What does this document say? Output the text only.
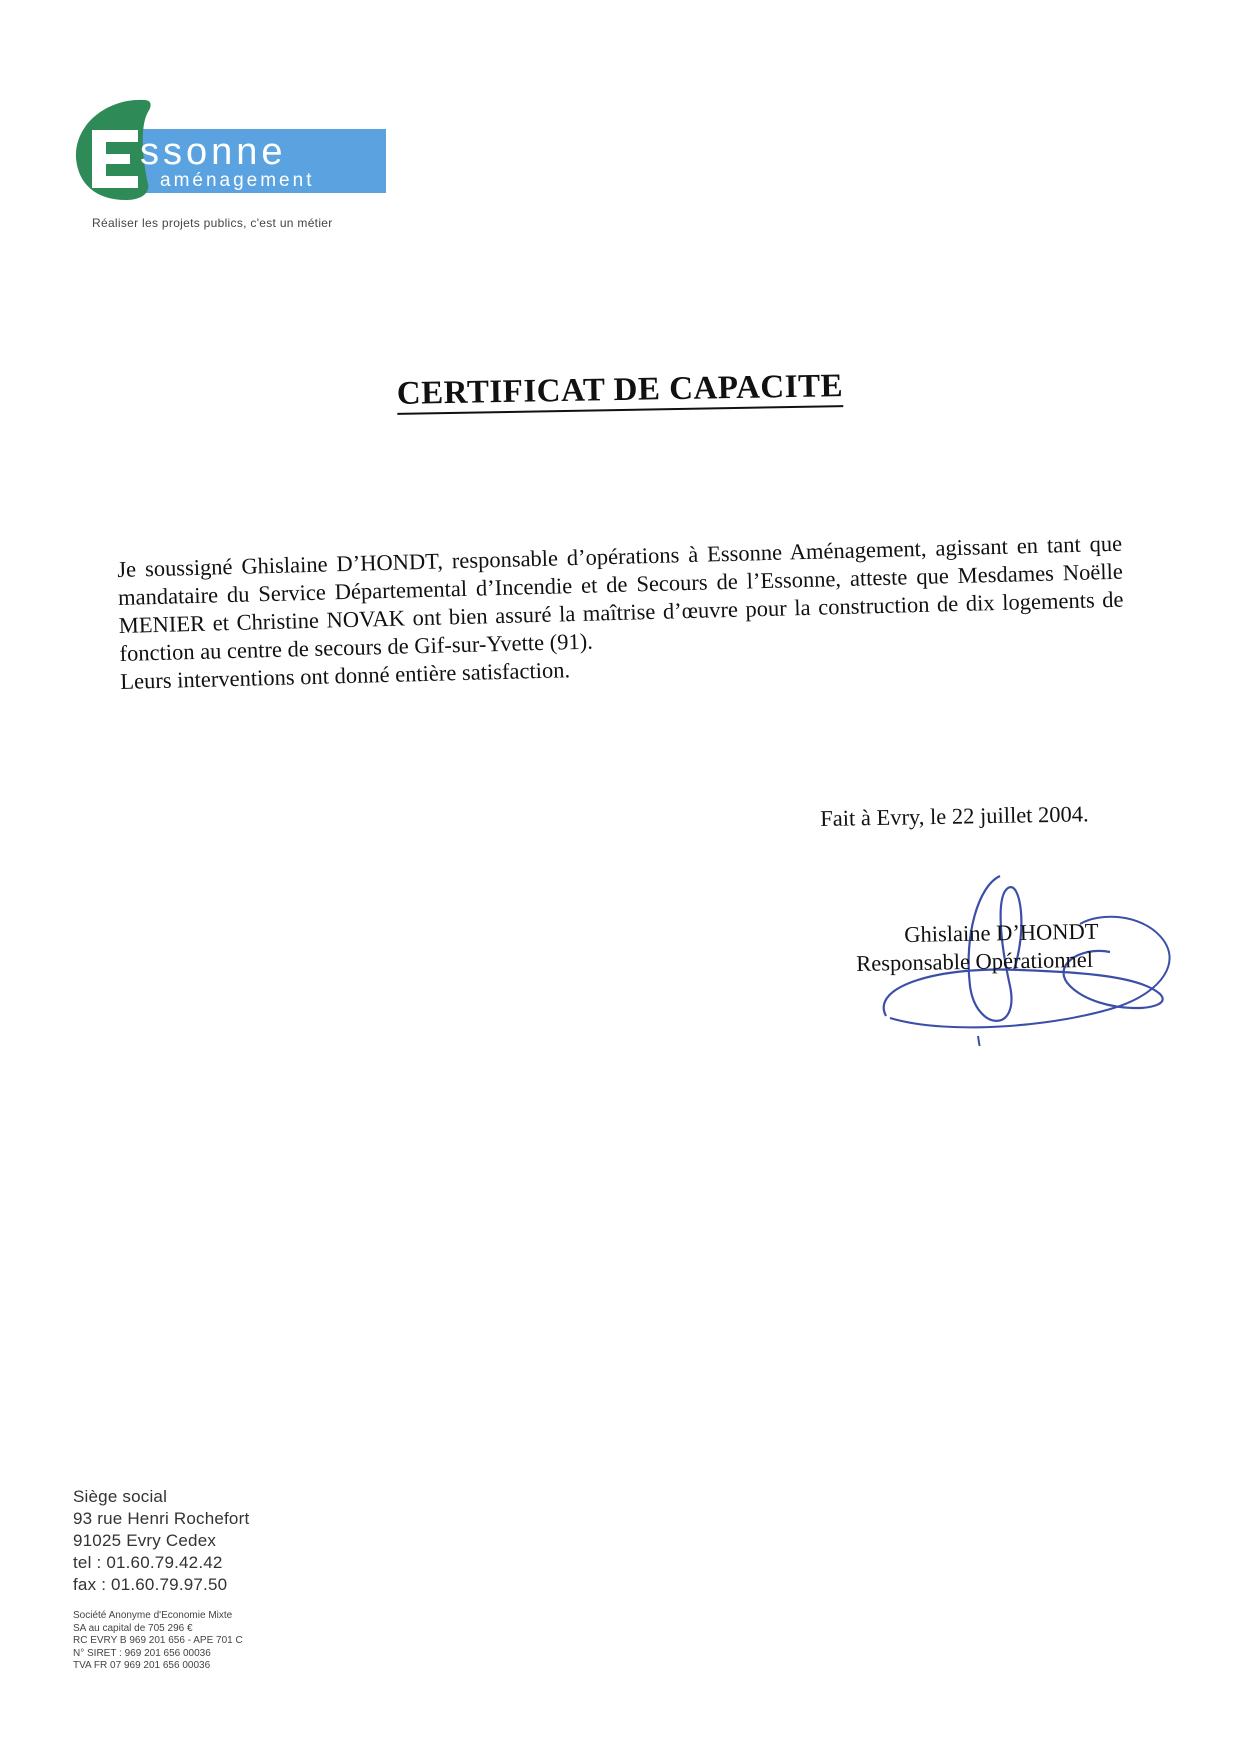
ssonne
aménagement
Réaliser les projets publics, c'est un métier
CERTIFICAT DE CAPACITE

Je soussigné Ghislaine D’HONDT, responsable d’opérations à Essonne Aménagement, agissant en tant que mandataire du Service Départemental d’Incendie et de Secours de l’Essonne, atteste que Mesdames Noëlle MENIER et Christine NOVAK ont bien assuré la maîtrise d’œuvre pour la construction de dix logements de fonction au centre de secours de Gif-sur-Yvette (91).

Leurs interventions ont donné entière satisfaction.

Fait à Evry, le 22 juillet 2004.
Ghislaine D’HONDT
Responsable Opérationnel
Siège social
93 rue Henri Rochefort
91025 Evry Cedex
tel : 01.60.79.42.42
fax : 01.60.79.97.50
Société Anonyme d'Economie Mixte
SA au capital de 705 296 €
RC EVRY B 969 201 656 - APE 701 C
N° SIRET : 969 201 656 00036
TVA FR 07 969 201 656 00036
